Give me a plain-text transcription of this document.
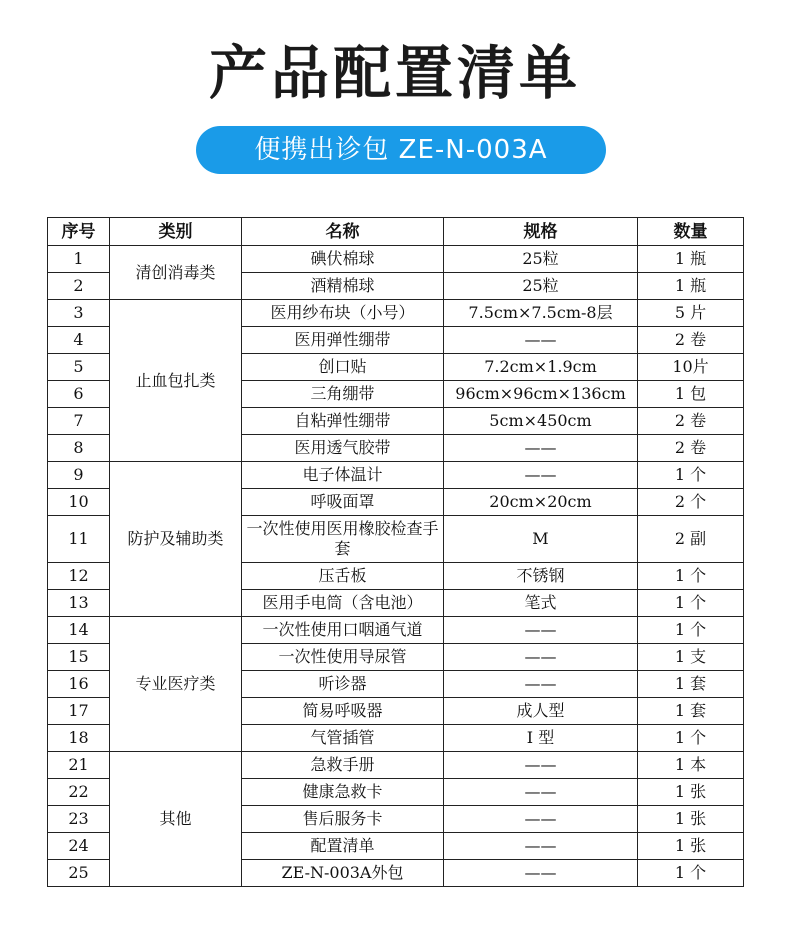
产品配置清单
便携出诊包 ZE-N-003A
序号	类别	名称	规格	数量
1	清创消毒类	碘伏棉球	25粒	1 瓶
2		酒精棉球	25粒	1 瓶
3	止血包扎类	医用纱布块（小号）	7.5cm×7.5cm-8层	5 片
4		医用弹性绷带	——	2 卷
5		创口贴	7.2cm×1.9cm	10片
6		三角绷带	96cm×96cm×136cm	1 包
7		自粘弹性绷带	5cm×450cm	2 卷
8		医用透气胶带	——	2 卷
9	防护及辅助类	电子体温计	——	1 个
10		呼吸面罩	20cm×20cm	2 个
11		一次性使用医用橡胶检查手套	M	2 副
12		压舌板	不锈钢	1 个
13		医用手电筒（含电池）	笔式	1 个
14	专业医疗类	一次性使用口咽通气道	——	1 个
15		一次性使用导尿管	——	1 支
16		听诊器	——	1 套
17		简易呼吸器	成人型	1 套
18		气管插管	I 型	1 个
21	其他	急救手册	——	1 本
22		健康急救卡	——	1 张
23		售后服务卡	——	1 张
24		配置清单	——	1 张
25		ZE-N-003A外包	——	1 个
